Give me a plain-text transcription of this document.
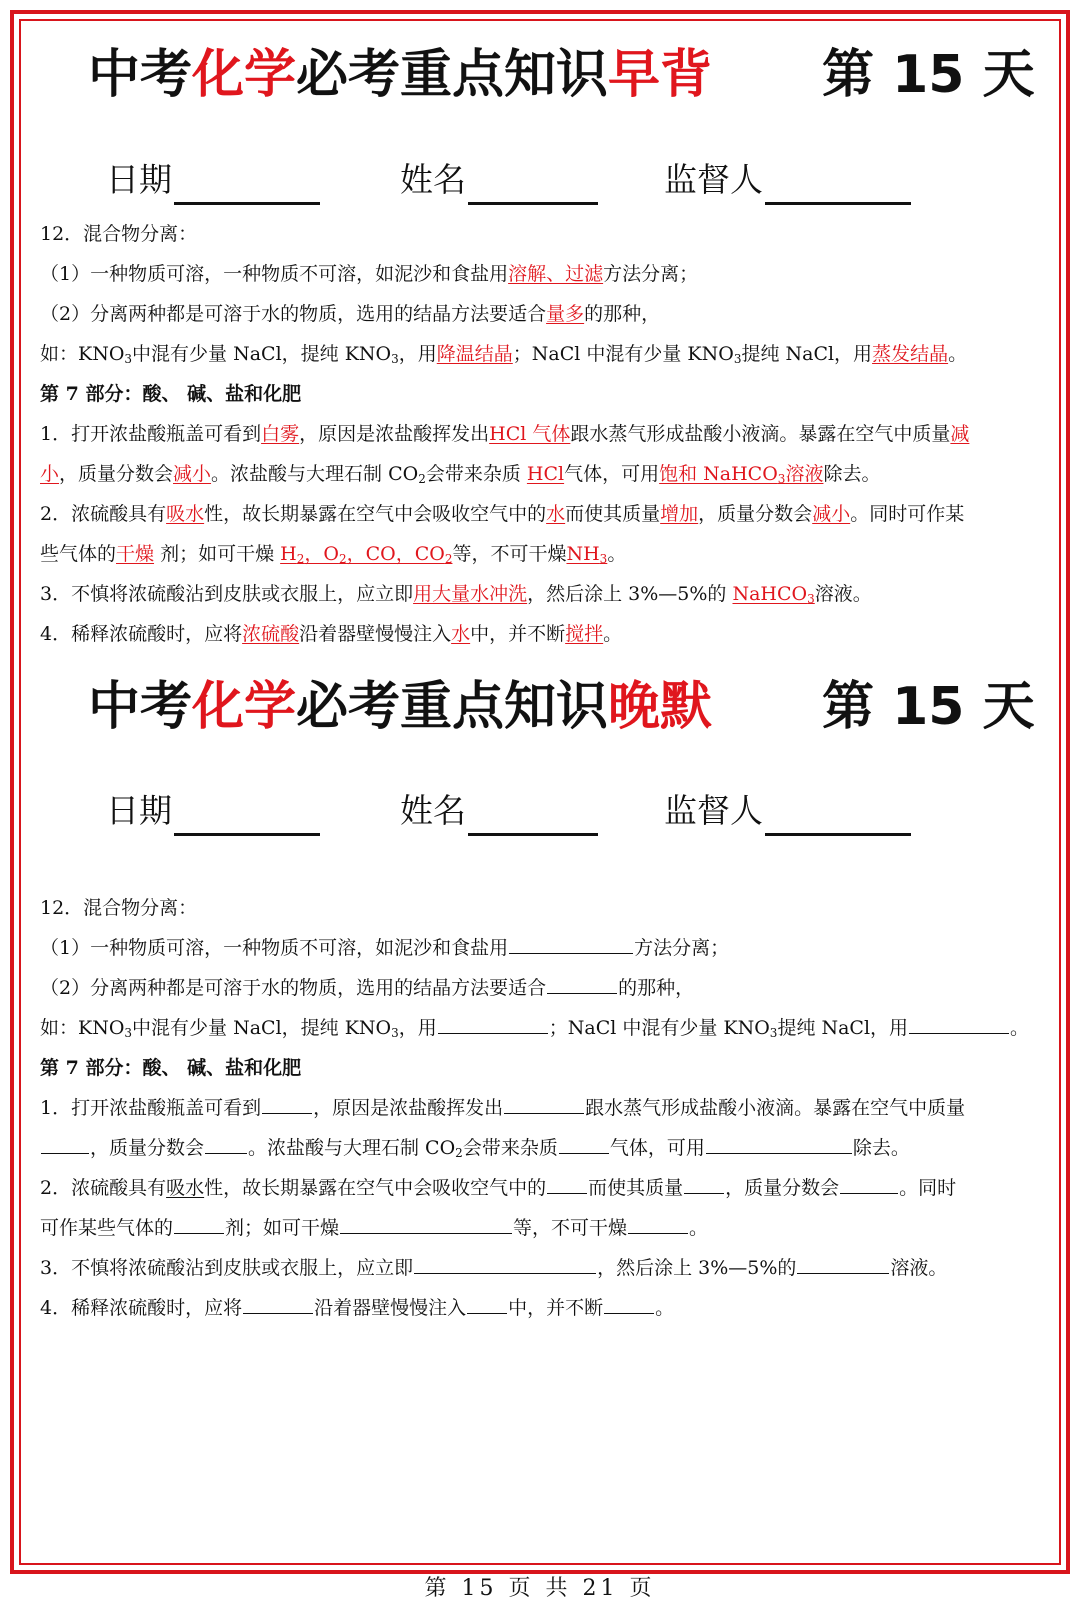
中考化学必考重点知识早背 第 15 天
日期	姓名	监督人
12．混合物分离：
（1）一种物质可溶，一种物质不可溶，如泥沙和食盐用溶解、过滤方法分离；
（2）分离两种都是可溶于水的物质，选用的结晶方法要适合量多的那种，
如：$KNO_3$中混有少量 NaCl，提纯 $KNO_3$，用降温结晶；NaCl 中混有少量 $KNO_3$提纯 NaCl，用蒸发结晶。
第 7 部分：酸、 碱、盐和化肥
1．打开浓盐酸瓶盖可看到白雾，原因是浓盐酸挥发出HCl 气体跟水蒸气形成盐酸小液滴。暴露在空气中质量减
小，质量分数会减小。浓盐酸与大理石制 $CO_2$会带来杂质 HCl气体，可用饱和 NaHCO$_3$溶液除去。
2．浓硫酸具有吸水性，故长期暴露在空气中会吸收空气中的水而使其质量增加，质量分数会减小。同时可作某
些气体的干燥 剂；如可干燥 $H_2$，$O_2$，CO，$CO_2$等，不可干燥$NH_3$。
3．不慎将浓硫酸沾到皮肤或衣服上，应立即用大量水冲洗，然后涂上 3%—5%的 NaHCO$_3$溶液。
4．稀释浓硫酸时，应将浓硫酸沿着器壁慢慢注入水中，并不断搅拌。
中考化学必考重点知识晚默 第 15 天
日期	姓名	监督人
12．混合物分离：
（1）一种物质可溶，一种物质不可溶，如泥沙和食盐用	方法分离；
（2）分离两种都是可溶于水的物质，选用的结晶方法要适合	的那种，
如：$KNO_3$中混有少量 NaCl，提纯 $KNO_3$，用	；NaCl 中混有少量 $KNO_3$提纯 NaCl，用	。
第 7 部分：酸、 碱、盐和化肥
1．打开浓盐酸瓶盖可看到	，原因是浓盐酸挥发出	跟水蒸气形成盐酸小液滴。暴露在空气中质量
，质量分数会 。浓盐酸与大理石制 $CO_2$会带来杂质	气体，可用	除去。
2．浓硫酸具有吸水性，故长期暴露在空气中会吸收空气中的 而使其质量 ，质量分数会	。同时
可作某些气体的	剂；如可干燥	等，不可干燥	。
3．不慎将浓硫酸沾到皮肤或衣服上，应立即	，然后涂上 3%—5%的	溶液。
4．稀释浓硫酸时，应将	沿着器壁慢慢注入 中，并不断	。
第 15 页 共 21 页
